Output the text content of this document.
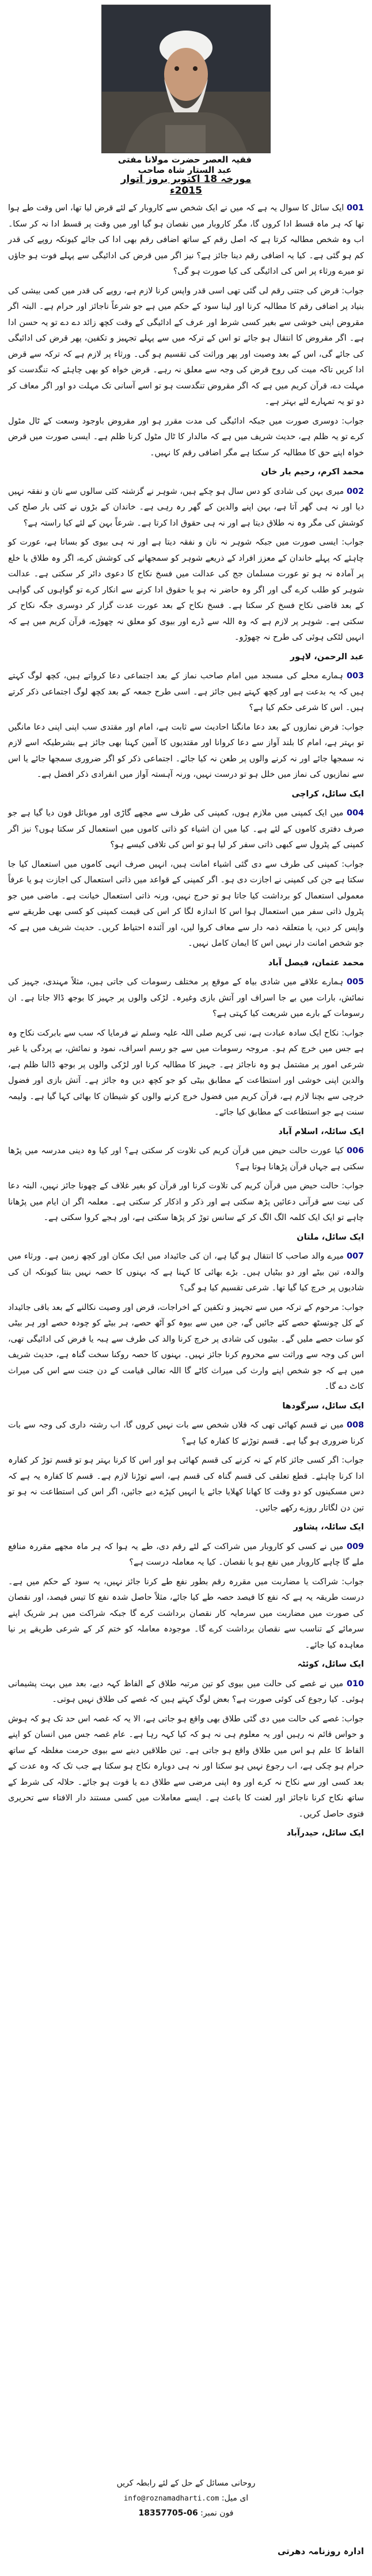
فقیہ العصر حضرت مولانا مفتی عبد الستار شاہ صاحب
مورخہ 18 اکتوبر بروز اتوار 2015ء

001 ایک سائل کا سوال یہ ہے کہ میں نے ایک شخص سے کاروبار کے لئے قرض لیا تھا، اس وقت طے ہوا تھا کہ ہر ماہ قسط ادا کروں گا، مگر کاروبار میں نقصان ہو گیا اور میں وقت پر قسط ادا نہ کر سکا۔ اب وہ شخص مطالبہ کرتا ہے کہ اصل رقم کے ساتھ اضافی رقم بھی ادا کی جائے کیونکہ روپے کی قدر کم ہو گئی ہے۔ کیا یہ اضافی رقم دینا جائز ہے؟ نیز اگر میں قرض کی ادائیگی سے پہلے فوت ہو جاؤں تو میرے ورثاء پر اس کی ادائیگی کی کیا صورت ہو گی؟

جواب: قرض کی جتنی رقم لی گئی تھی اسی قدر واپس کرنا لازم ہے، روپے کی قدر میں کمی بیشی کی بنیاد پر اضافی رقم کا مطالبہ کرنا اور لینا سود کے حکم میں ہے جو شرعاً ناجائز اور حرام ہے۔ البتہ اگر مقروض اپنی خوشی سے بغیر کسی شرط اور عرف کے ادائیگی کے وقت کچھ زائد دے دے تو یہ حسن ادا ہے۔ اگر مقروض کا انتقال ہو جائے تو اس کے ترکہ میں سے پہلے تجہیز و تکفین، پھر قرض کی ادائیگی کی جائے گی، اس کے بعد وصیت اور پھر وراثت کی تقسیم ہو گی۔ ورثاء پر لازم ہے کہ ترکہ سے قرض ادا کریں تاکہ میت کی روح قرض کی وجہ سے معلق نہ رہے۔ قرض خواہ کو بھی چاہئے کہ تنگدست کو مہلت دے، قرآن کریم میں ہے کہ اگر مقروض تنگدست ہو تو اسے آسانی تک مہلت دو اور اگر معاف کر دو تو یہ تمہارے لئے بہتر ہے۔

جواب: دوسری صورت میں جبکہ ادائیگی کی مدت مقرر ہو اور مقروض باوجود وسعت کے ٹال مٹول کرے تو یہ ظلم ہے، حدیث شریف میں ہے کہ مالدار کا ٹال مٹول کرنا ظلم ہے۔ ایسی صورت میں قرض خواہ اپنے حق کا مطالبہ کر سکتا ہے مگر اضافی رقم کا نہیں۔

محمد اکرم، رحیم یار خان

002 میری بہن کی شادی کو دس سال ہو چکے ہیں، شوہر نے گزشتہ کئی سالوں سے نان و نفقہ نہیں دیا اور نہ ہی گھر آتا ہے، بہن اپنے والدین کے گھر رہ رہی ہے۔ خاندان کے بڑوں نے کئی بار صلح کی کوشش کی مگر وہ نہ طلاق دیتا ہے اور نہ ہی حقوق ادا کرتا ہے۔ شرعاً بہن کے لئے کیا راستہ ہے؟

جواب: ایسی صورت میں جبکہ شوہر نہ نان و نفقہ دیتا ہے اور نہ ہی بیوی کو بساتا ہے، عورت کو چاہئے کہ پہلے خاندان کے معزز افراد کے ذریعے شوہر کو سمجھانے کی کوشش کرے، اگر وہ طلاق یا خلع پر آمادہ نہ ہو تو عورت مسلمان جج کی عدالت میں فسخ نکاح کا دعوی دائر کر سکتی ہے۔ عدالت شوہر کو طلب کرے گی اور اگر وہ حاضر نہ ہو یا حقوق ادا کرنے سے انکار کرے تو گواہوں کی گواہی کے بعد قاضی نکاح فسخ کر سکتا ہے۔ فسخ نکاح کے بعد عورت عدت گزار کر دوسری جگہ نکاح کر سکتی ہے۔ شوہر پر لازم ہے کہ وہ اللہ سے ڈرے اور بیوی کو معلق نہ چھوڑے، قرآن کریم میں ہے کہ انہیں لٹکی ہوئی کی طرح نہ چھوڑو۔

عبد الرحمن، لاہور

003 ہمارے محلے کی مسجد میں امام صاحب نماز کے بعد اجتماعی دعا کرواتے ہیں، کچھ لوگ کہتے ہیں کہ یہ بدعت ہے اور کچھ کہتے ہیں جائز ہے۔ اسی طرح جمعہ کے بعد کچھ لوگ اجتماعی ذکر کرتے ہیں۔ اس کا شرعی حکم کیا ہے؟

جواب: فرض نمازوں کے بعد دعا مانگنا احادیث سے ثابت ہے، امام اور مقتدی سب اپنی اپنی دعا مانگیں تو بہتر ہے، امام کا بلند آواز سے دعا کروانا اور مقتدیوں کا آمین کہنا بھی جائز ہے بشرطیکہ اسے لازم نہ سمجھا جائے اور نہ کرنے والوں پر طعن نہ کیا جائے۔ اجتماعی ذکر کو اگر ضروری سمجھا جائے یا اس سے نمازیوں کی نماز میں خلل ہو تو درست نہیں، ورنہ آہستہ آواز میں انفرادی ذکر افضل ہے۔

ایک سائل، کراچی

004 میں ایک کمپنی میں ملازم ہوں، کمپنی کی طرف سے مجھے گاڑی اور موبائل فون دیا گیا ہے جو صرف دفتری کاموں کے لئے ہے۔ کیا میں ان اشیاء کو ذاتی کاموں میں استعمال کر سکتا ہوں؟ نیز اگر کمپنی کے پٹرول سے کبھی ذاتی سفر کر لیا ہو تو اس کی تلافی کیسے ہو؟

جواب: کمپنی کی طرف سے دی گئی اشیاء امانت ہیں، انہیں صرف انہی کاموں میں استعمال کیا جا سکتا ہے جن کی کمپنی نے اجازت دی ہو۔ اگر کمپنی کے قواعد میں ذاتی استعمال کی اجازت ہو یا عرفاً معمولی استعمال کو برداشت کیا جاتا ہو تو حرج نہیں، ورنہ ذاتی استعمال خیانت ہے۔ ماضی میں جو پٹرول ذاتی سفر میں استعمال ہوا اس کا اندازہ لگا کر اس کی قیمت کمپنی کو کسی بھی طریقے سے واپس کر دیں، یا متعلقہ ذمہ دار سے معاف کروا لیں، اور آئندہ احتیاط کریں۔ حدیث شریف میں ہے کہ جو شخص امانت دار نہیں اس کا ایمان کامل نہیں۔

محمد عثمان، فیصل آباد

005 ہمارے علاقے میں شادی بیاہ کے موقع پر مختلف رسومات کی جاتی ہیں، مثلاً مہندی، جہیز کی نمائش، بارات میں بے جا اسراف اور آتش بازی وغیرہ۔ لڑکی والوں پر جہیز کا بوجھ ڈالا جاتا ہے۔ ان رسومات کے بارے میں شریعت کیا کہتی ہے؟

جواب: نکاح ایک سادہ عبادت ہے، نبی کریم صلی اللہ علیہ وسلم نے فرمایا کہ سب سے بابرکت نکاح وہ ہے جس میں خرچ کم ہو۔ مروجہ رسومات میں سے جو رسم اسراف، نمود و نمائش، بے پردگی یا غیر شرعی امور پر مشتمل ہو وہ ناجائز ہے۔ جہیز کا مطالبہ کرنا اور لڑکی والوں پر بوجھ ڈالنا ظلم ہے، والدین اپنی خوشی اور استطاعت کے مطابق بیٹی کو جو کچھ دیں وہ جائز ہے۔ آتش بازی اور فضول خرچی سے بچنا لازم ہے، قرآن کریم میں فضول خرچ کرنے والوں کو شیطان کا بھائی کہا گیا ہے۔ ولیمہ سنت ہے جو استطاعت کے مطابق کیا جائے۔

ایک سائلہ، اسلام آباد

006 کیا عورت حالت حیض میں قرآن کریم کی تلاوت کر سکتی ہے؟ اور کیا وہ دینی مدرسہ میں پڑھا سکتی ہے جہاں قرآن پڑھانا ہوتا ہے؟

جواب: حالت حیض میں قرآن کریم کی تلاوت کرنا اور قرآن کو بغیر غلاف کے چھونا جائز نہیں، البتہ دعا کی نیت سے قرآنی دعائیں پڑھ سکتی ہے اور ذکر و اذکار کر سکتی ہے۔ معلمہ اگر ان ایام میں پڑھانا چاہے تو ایک ایک کلمہ الگ الگ کر کے سانس توڑ کر پڑھا سکتی ہے، اور ہجے کروا سکتی ہے۔

ایک سائل، ملتان

007 میرے والد صاحب کا انتقال ہو گیا ہے، ان کی جائیداد میں ایک مکان اور کچھ زمین ہے۔ ورثاء میں والدہ، تین بیٹے اور دو بیٹیاں ہیں۔ بڑے بھائی کا کہنا ہے کہ بہنوں کا حصہ نہیں بنتا کیونکہ ان کی شادیوں پر خرچ کیا گیا تھا۔ شرعی تقسیم کیا ہو گی؟

جواب: مرحوم کے ترکہ میں سے تجہیز و تکفین کے اخراجات، قرض اور وصیت نکالنے کے بعد باقی جائیداد کے کل چونسٹھ حصے کئے جائیں گے، جن میں سے بیوہ کو آٹھ حصے، ہر بیٹے کو چودہ حصے اور ہر بیٹی کو سات حصے ملیں گے۔ بیٹیوں کی شادی پر خرچ کرنا والد کی طرف سے ہبہ یا فرض کی ادائیگی تھی، اس کی وجہ سے وراثت سے محروم کرنا جائز نہیں۔ بہنوں کا حصہ روکنا سخت گناہ ہے، حدیث شریف میں ہے کہ جو شخص اپنے وارث کی میراث کاٹے گا اللہ تعالی قیامت کے دن جنت سے اس کی میراث کاٹ دے گا۔

ایک سائل، سرگودھا

008 میں نے قسم کھائی تھی کہ فلاں شخص سے بات نہیں کروں گا، اب رشتہ داری کی وجہ سے بات کرنا ضروری ہو گیا ہے۔ قسم توڑنے کا کفارہ کیا ہے؟

جواب: اگر کسی جائز کام کے نہ کرنے کی قسم کھائی ہو اور اس کا کرنا بہتر ہو تو قسم توڑ کر کفارہ ادا کرنا چاہئے۔ قطع تعلقی کی قسم گناہ کی قسم ہے، اسے توڑنا لازم ہے۔ قسم کا کفارہ یہ ہے کہ دس مسکینوں کو دو وقت کا کھانا کھلایا جائے یا انہیں کپڑے دیے جائیں، اگر اس کی استطاعت نہ ہو تو تین دن لگاتار روزے رکھے جائیں۔

ایک سائلہ، پشاور

009 میں نے کسی کو کاروبار میں شراکت کے لئے رقم دی، طے یہ ہوا کہ ہر ماہ مجھے مقررہ منافع ملے گا چاہے کاروبار میں نفع ہو یا نقصان۔ کیا یہ معاملہ درست ہے؟

جواب: شراکت یا مضاربت میں مقررہ رقم بطور نفع طے کرنا جائز نہیں، یہ سود کے حکم میں ہے۔ درست طریقہ یہ ہے کہ نفع کا فیصد حصہ طے کیا جائے، مثلاً حاصل شدہ نفع کا تیس فیصد، اور نقصان کی صورت میں مضاربت میں سرمایہ کار نقصان برداشت کرے گا جبکہ شراکت میں ہر شریک اپنے سرمائے کے تناسب سے نقصان برداشت کرے گا۔ موجودہ معاملہ کو ختم کر کے شرعی طریقے پر نیا معاہدہ کیا جائے۔

ایک سائل، کوئٹہ

010 میں نے غصے کی حالت میں بیوی کو تین مرتبہ طلاق کے الفاظ کہہ دیے، بعد میں بہت پشیمانی ہوئی۔ کیا رجوع کی کوئی صورت ہے؟ بعض لوگ کہتے ہیں کہ غصے کی طلاق نہیں ہوتی۔

جواب: غصے کی حالت میں دی گئی طلاق بھی واقع ہو جاتی ہے، الا یہ کہ غصہ اس حد تک ہو کہ ہوش و حواس قائم نہ رہیں اور یہ معلوم ہی نہ ہو کہ کیا کہہ رہا ہے۔ عام غصہ جس میں انسان کو اپنے الفاظ کا علم ہو اس میں طلاق واقع ہو جاتی ہے۔ تین طلاقیں دینے سے بیوی حرمت مغلظہ کے ساتھ حرام ہو چکی ہے، اب رجوع نہیں ہو سکتا اور نہ ہی دوبارہ نکاح ہو سکتا ہے جب تک کہ وہ عدت کے بعد کسی اور سے نکاح نہ کرے اور وہ اپنی مرضی سے طلاق دے یا فوت ہو جائے۔ حلالہ کی شرط کے ساتھ نکاح کرنا ناجائز اور لعنت کا باعث ہے۔ ایسے معاملات میں کسی مستند دار الافتاء سے تحریری فتوی حاصل کریں۔

ایک سائل، حیدرآباد

روحانی مسائل کے حل کے لئے رابطہ کریں
ای میل: info@roznamadharti.com
فون نمبر: 06-18357705
ادارہ روزنامہ دھرتی
